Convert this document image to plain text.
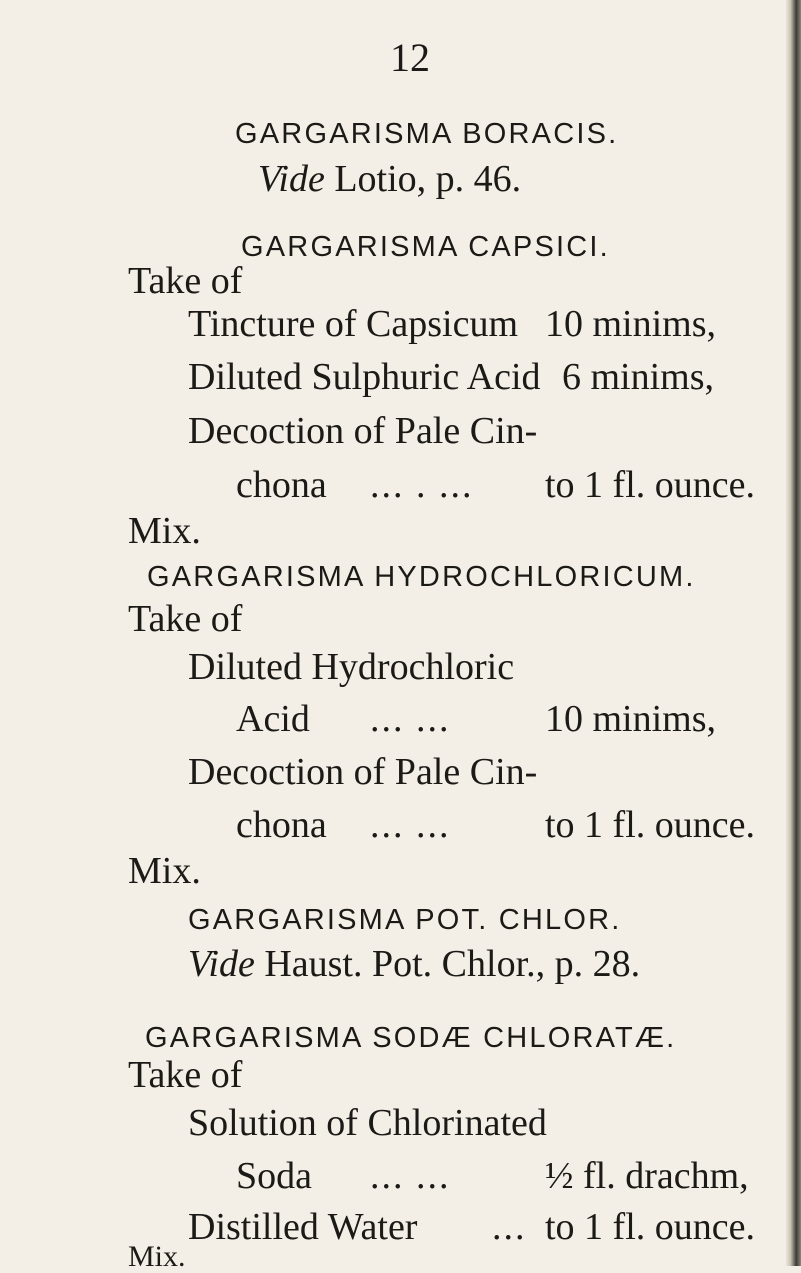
12
GARGARISMA BORACIS.
Vide Lotio, p. 46.
GARGARISMA CAPSICI.
Take of
Tincture of Capsicum 10 minims,
Diluted Sulphuric Acid 6 minims,
Decoction of Pale Cin-
chona ... . ... to 1 fl. ounce.
Mix.
GARGARISMA HYDROCHLORICUM.
Take of
Diluted Hydrochloric
Acid ... ... 10 minims,
Decoction of Pale Cin-
chona ... ... to 1 fl. ounce.
Mix.
GARGARISMA POT. CHLOR.
Vide Haust. Pot. Chlor., p. 28.
GARGARISMA SODÆ CHLORATÆ.
Take of
Solution of Chlorinated
Soda ... ... ½ fl. drachm,
Distilled Water ... to 1 fl. ounce.
Mix.
